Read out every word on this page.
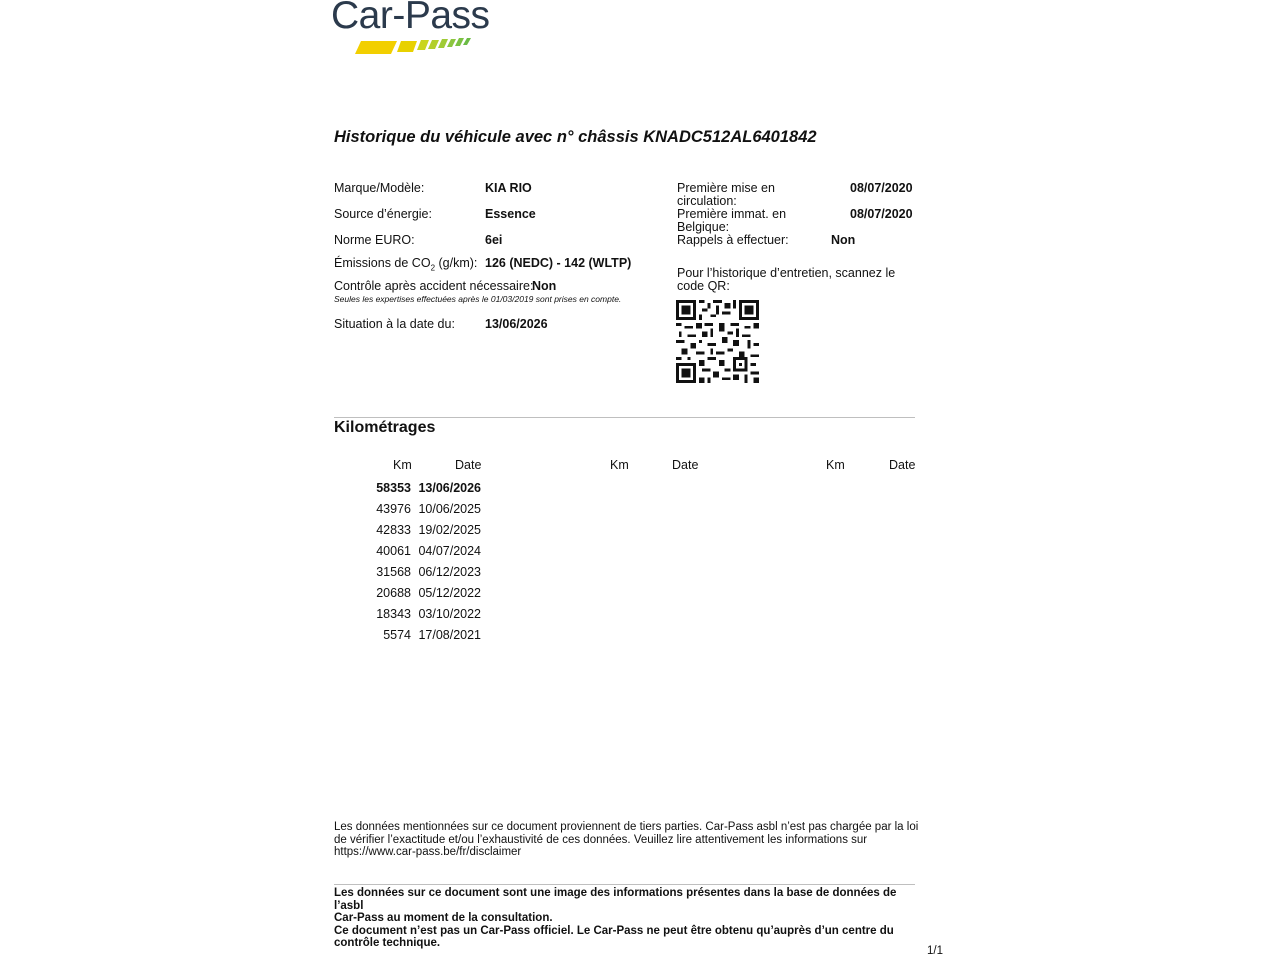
Car-Pass
Historique du véhicule avec n° châssis KNADC512AL6401842
Marque/Modèle:	KIA RIO
Source d’énergie:	Essence
Norme EURO:	6ei
Émissions de $CO_2$ (g/km): 126 (NEDC) - 142 (WLTP)
Contrôle après accident nécessaire:
Non
Seules les expertises effectuées après le 01/03/2019 sont prises en compte.
Situation à la date du: 13/06/2026
Première mise en
circulation:
08/07/2020
Première immat. en
Belgique:
08/07/2020
Rappels à effectuer:	Non
Pour l’historique d’entretien, scannez le
code QR:
Kilométrages
Km	Date	Km	Date	Km	Date
58353 13/06/2026
43976 10/06/2025
42833 19/02/2025
40061 04/07/2024
31568 06/12/2023
20688 05/12/2022
18343 03/10/2022
5574 17/08/2021
Les données mentionnées sur ce document proviennent de tiers parties. Car-Pass asbl n’est pas chargée par la loi
de vérifier l’exactitude et/ou l’exhaustivité de ces données. Veuillez lire attentivement les informations sur
https://www.car-pass.be/fr/disclaimer
Les données sur ce document sont une image des informations présentes dans la base de données de l’asbl
Car-Pass au moment de la consultation.
Ce document n’est pas un Car-Pass officiel. Le Car-Pass ne peut être obtenu qu’auprès d’un centre du
contrôle technique.
1/1
